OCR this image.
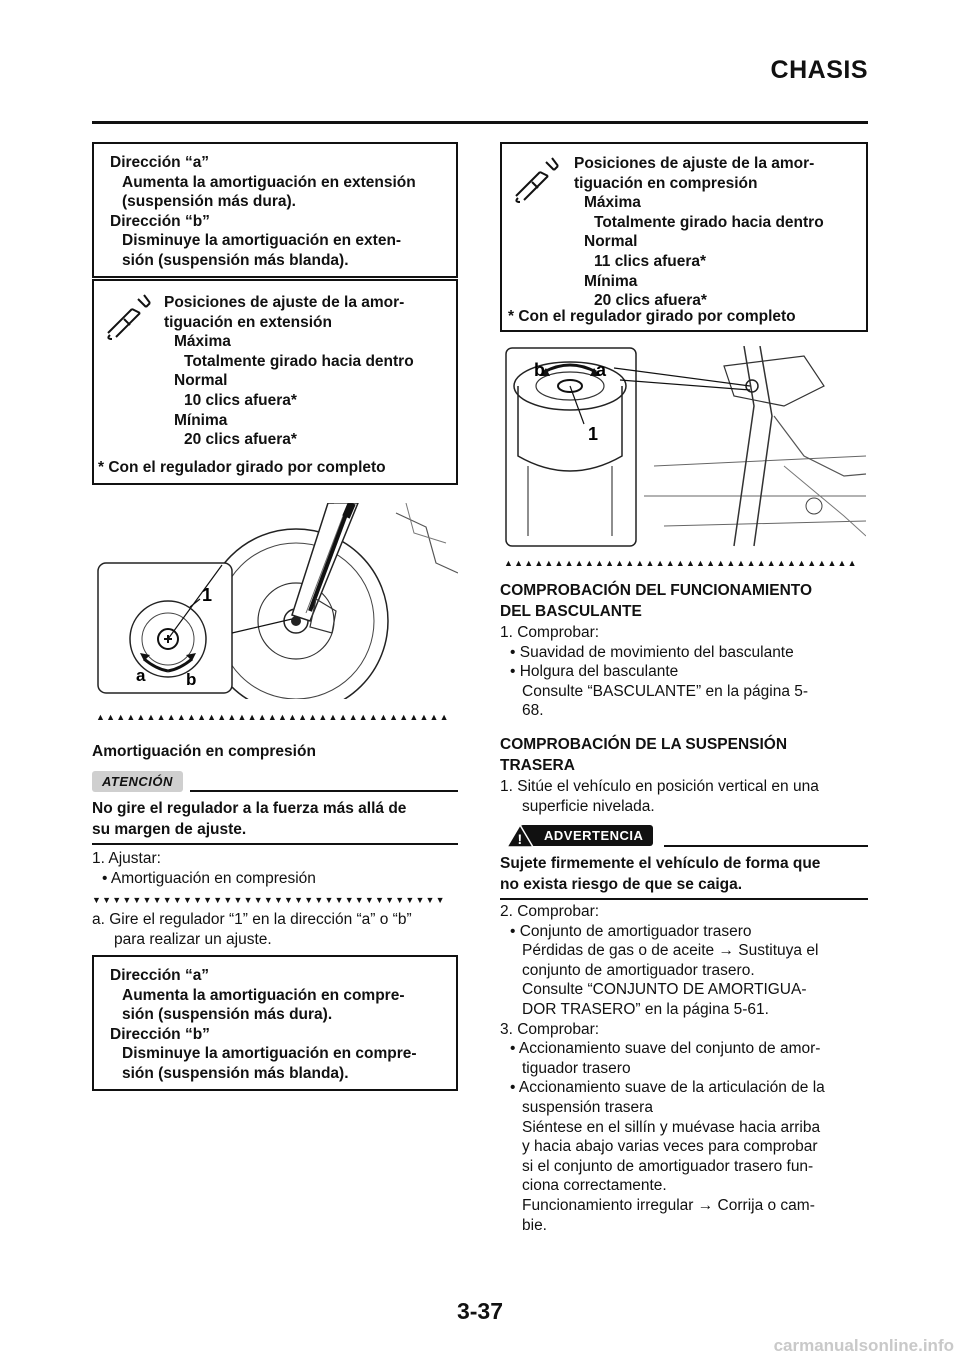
CHASIS
Dirección “a”
Aumenta la amortiguación en extensión
(suspensión más dura).
Dirección “b”
Disminuye la amortiguación en exten-
sión (suspensión más blanda).
Posiciones de ajuste de la amor-
tiguación en extensión
Máxima
Totalmente girado hacia dentro
Normal
10 clics afuera*
Mínima
20 clics afuera*
* Con el regulador girado por completo
1
a b
▲▲▲▲▲▲▲▲▲▲▲▲▲▲▲▲▲▲▲▲▲▲▲▲▲▲▲▲▲▲▲▲▲▲▲
Amortiguación en compresión
ATENCIÓN
No gire el regulador a la fuerza más allá de
su margen de ajuste.
1. Ajustar:
• Amortiguación en compresión
▼▼▼▼▼▼▼▼▼▼▼▼▼▼▼▼▼▼▼▼▼▼▼▼▼▼▼▼▼▼▼▼▼▼▼
a. Gire el regulador “1” en la dirección “a” o “b”
para realizar un ajuste.
Dirección “a”
Aumenta la amortiguación en compre-
sión (suspensión más dura).
Dirección “b”
Disminuye la amortiguación en compre-
sión (suspensión más blanda).
Posiciones de ajuste de la amor-
tiguación en compresión
Máxima
Totalmente girado hacia dentro
Normal
11 clics afuera*
Mínima
20 clics afuera*
* Con el regulador girado por completo
b	a
1
▲▲▲▲▲▲▲▲▲▲▲▲▲▲▲▲▲▲▲▲▲▲▲▲▲▲▲▲▲▲▲▲▲▲▲
COMPROBACIÓN DEL FUNCIONAMIENTO
DEL BASCULANTE
1. Comprobar:
• Suavidad de movimiento del basculante
• Holgura del basculante
Consulte “BASCULANTE” en la página 5-
68.
COMPROBACIÓN DE LA SUSPENSIÓN
TRASERA
1. Sitúe el vehículo en posición vertical en una
superficie nivelada.
! ADVERTENCIA
Sujete firmemente el vehículo de forma que
no exista riesgo de que se caiga.
2. Comprobar:
• Conjunto de amortiguador trasero
Pérdidas de gas o de aceite → Sustituya el
conjunto de amortiguador trasero.
Consulte “CONJUNTO DE AMORTIGUA-
DOR TRASERO” en la página 5-61.
3. Comprobar:
• Accionamiento suave del conjunto de amor-
tiguador trasero
• Accionamiento suave de la articulación de la
suspensión trasera
Siéntese en el sillín y muévase hacia arriba
y hacia abajo varias veces para comprobar
si el conjunto de amortiguador trasero fun-
ciona correctamente.
Funcionamiento irregular → Corrija o cam-
bie.
3-37
carmanualsonline.info
